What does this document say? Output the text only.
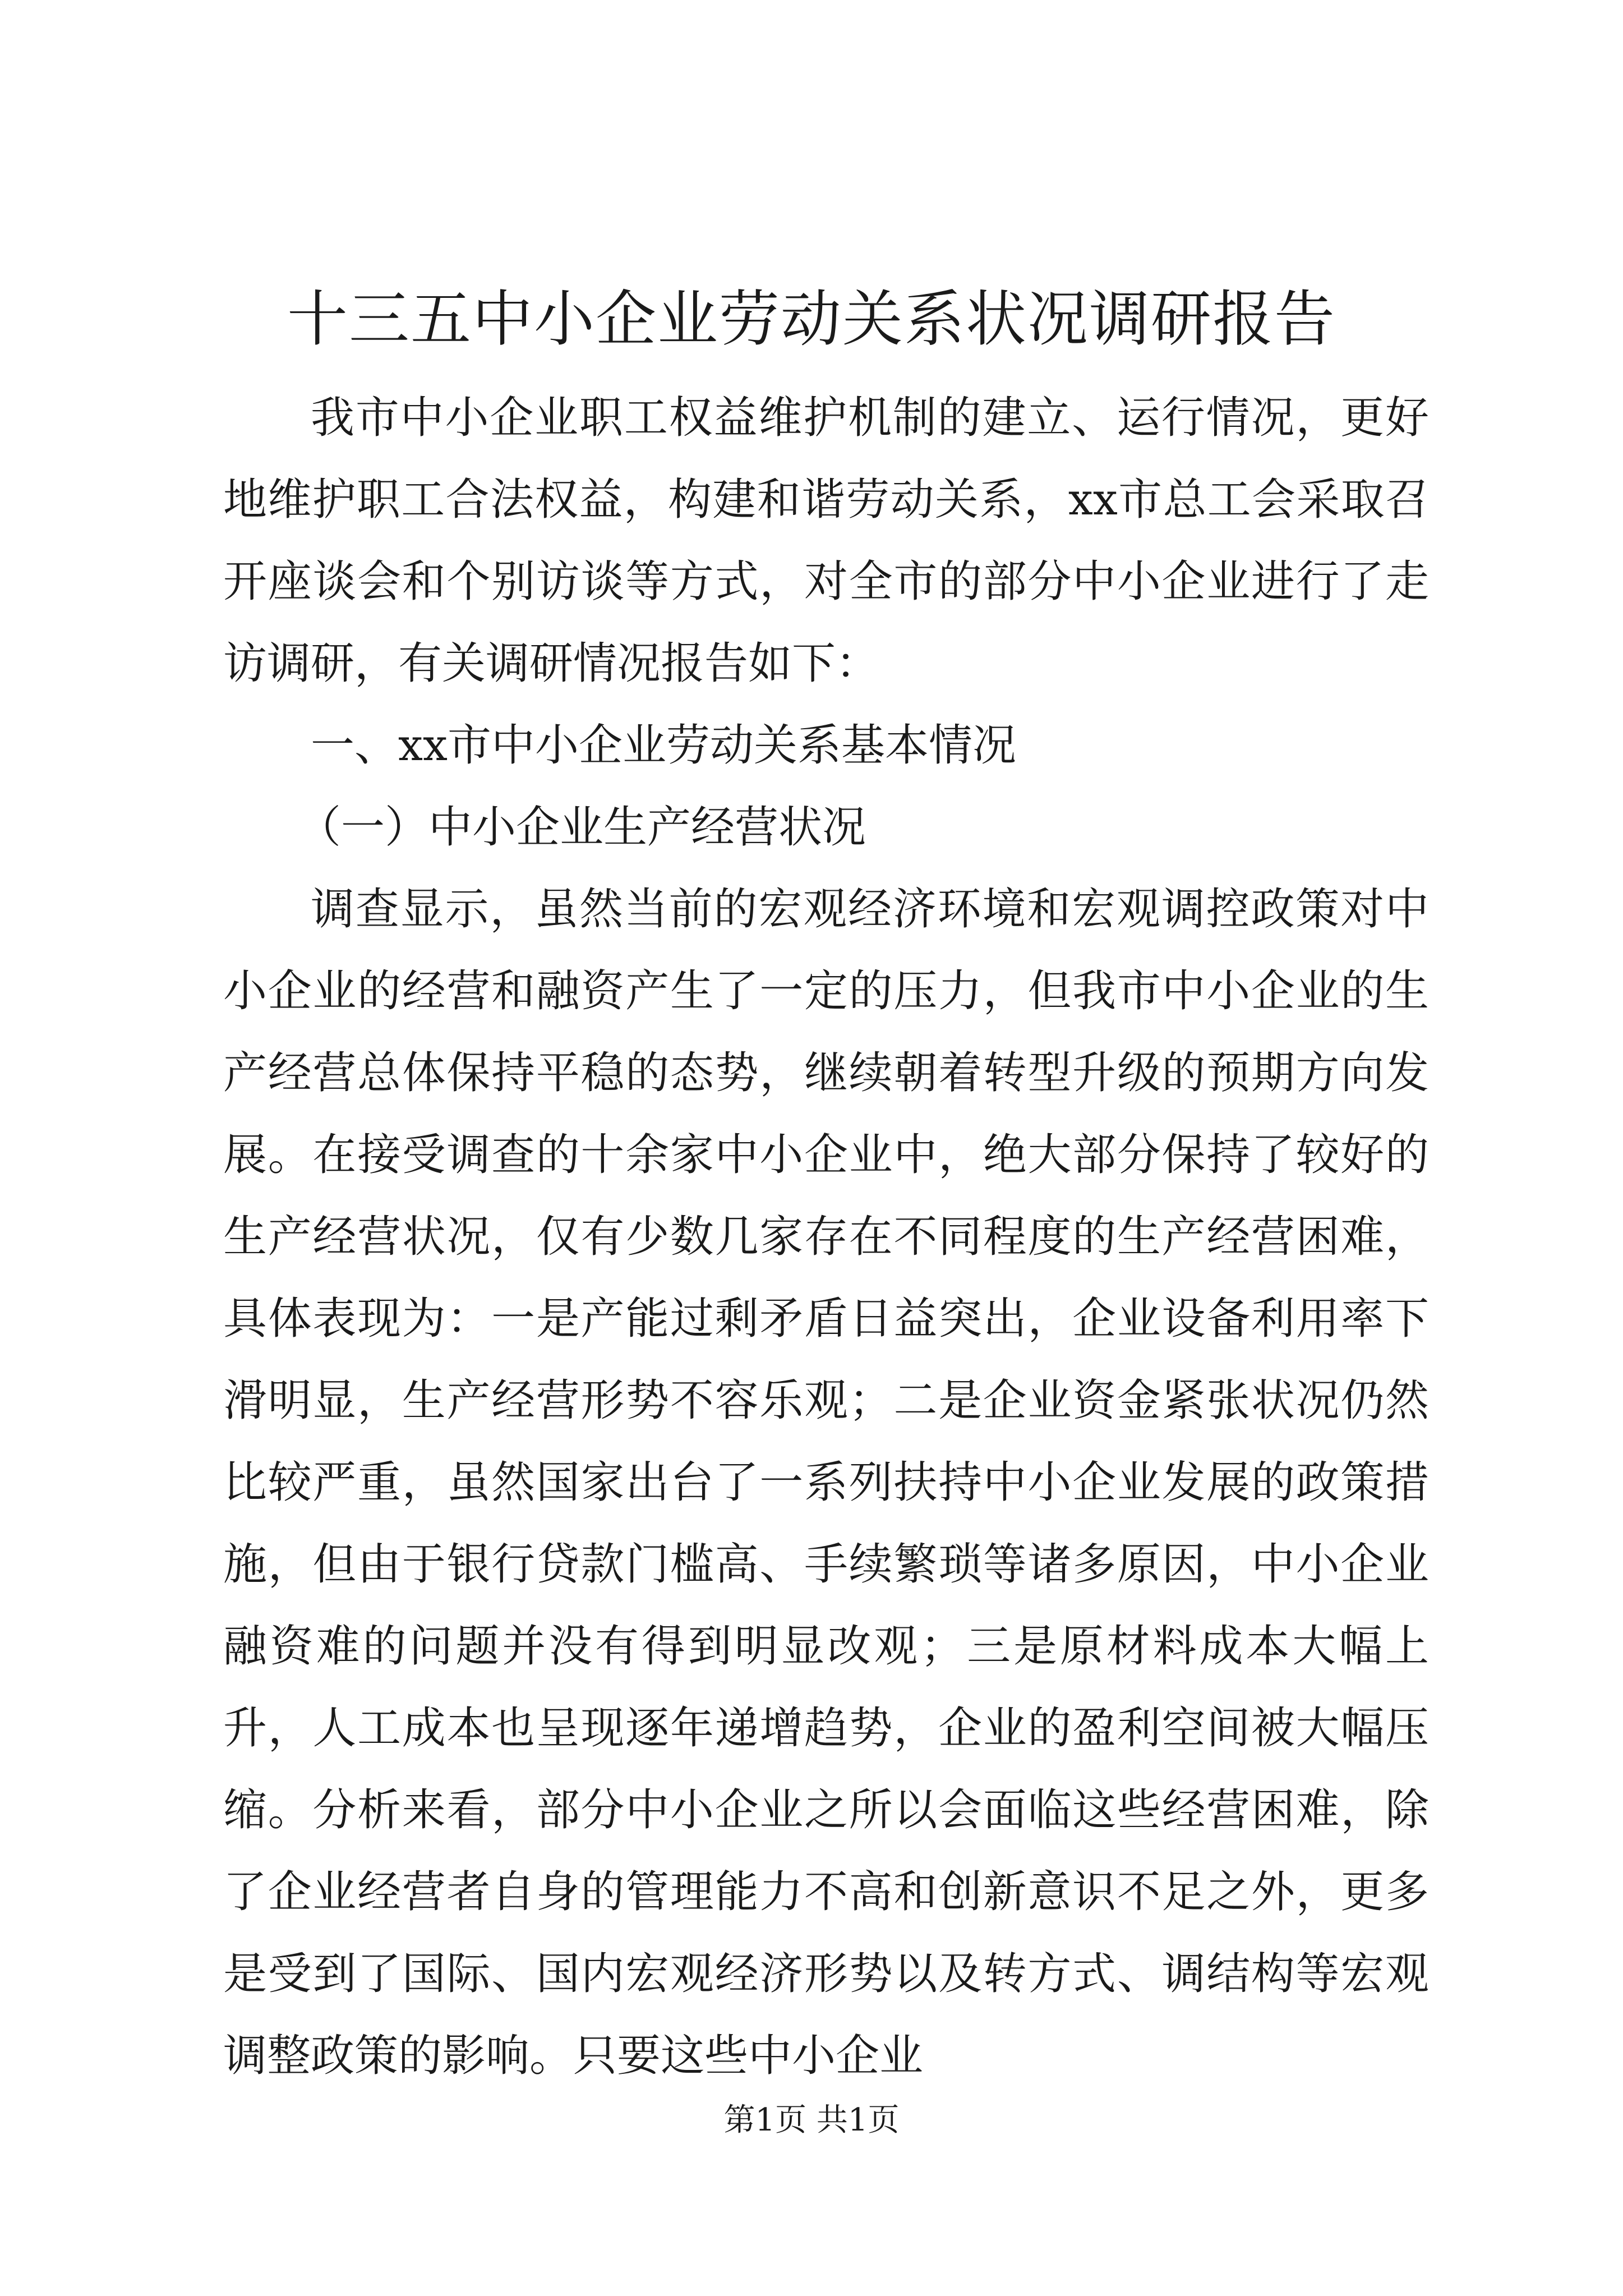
十三五中小企业劳动关系状况调研报告

我市中小企业职工权益维护机制的建立、运行情况，更好地维护职工合法权益，构建和谐劳动关系，xx市总工会采取召开座谈会和个别访谈等方式，对全市的部分中小企业进行了走访调研，有关调研情况报告如下：

一、xx市中小企业劳动关系基本情况

（一）中小企业生产经营状况

调查显示，虽然当前的宏观经济环境和宏观调控政策对中小企业的经营和融资产生了一定的压力，但我市中小企业的生产经营总体保持平稳的态势，继续朝着转型升级的预期方向发展。在接受调查的十余家中小企业中，绝大部分保持了较好的生产经营状况，仅有少数几家存在不同程度的生产经营困难，具体表现为：一是产能过剩矛盾日益突出，企业设备利用率下滑明显，生产经营形势不容乐观；二是企业资金紧张状况仍然比较严重，虽然国家出台了一系列扶持中小企业发展的政策措施，但由于银行贷款门槛高、手续繁琐等诸多原因，中小企业融资难的问题并没有得到明显改观；三是原材料成本大幅上升，人工成本也呈现逐年递增趋势，企业的盈利空间被大幅压缩。分析来看，部分中小企业之所以会面临这些经营困难，除了企业经营者自身的管理能力不高和创新意识不足之外，更多是受到了国际、国内宏观经济形势以及转方式、调结构等宏观调整政策的影响。只要这些中小企业

第1页 共1页
